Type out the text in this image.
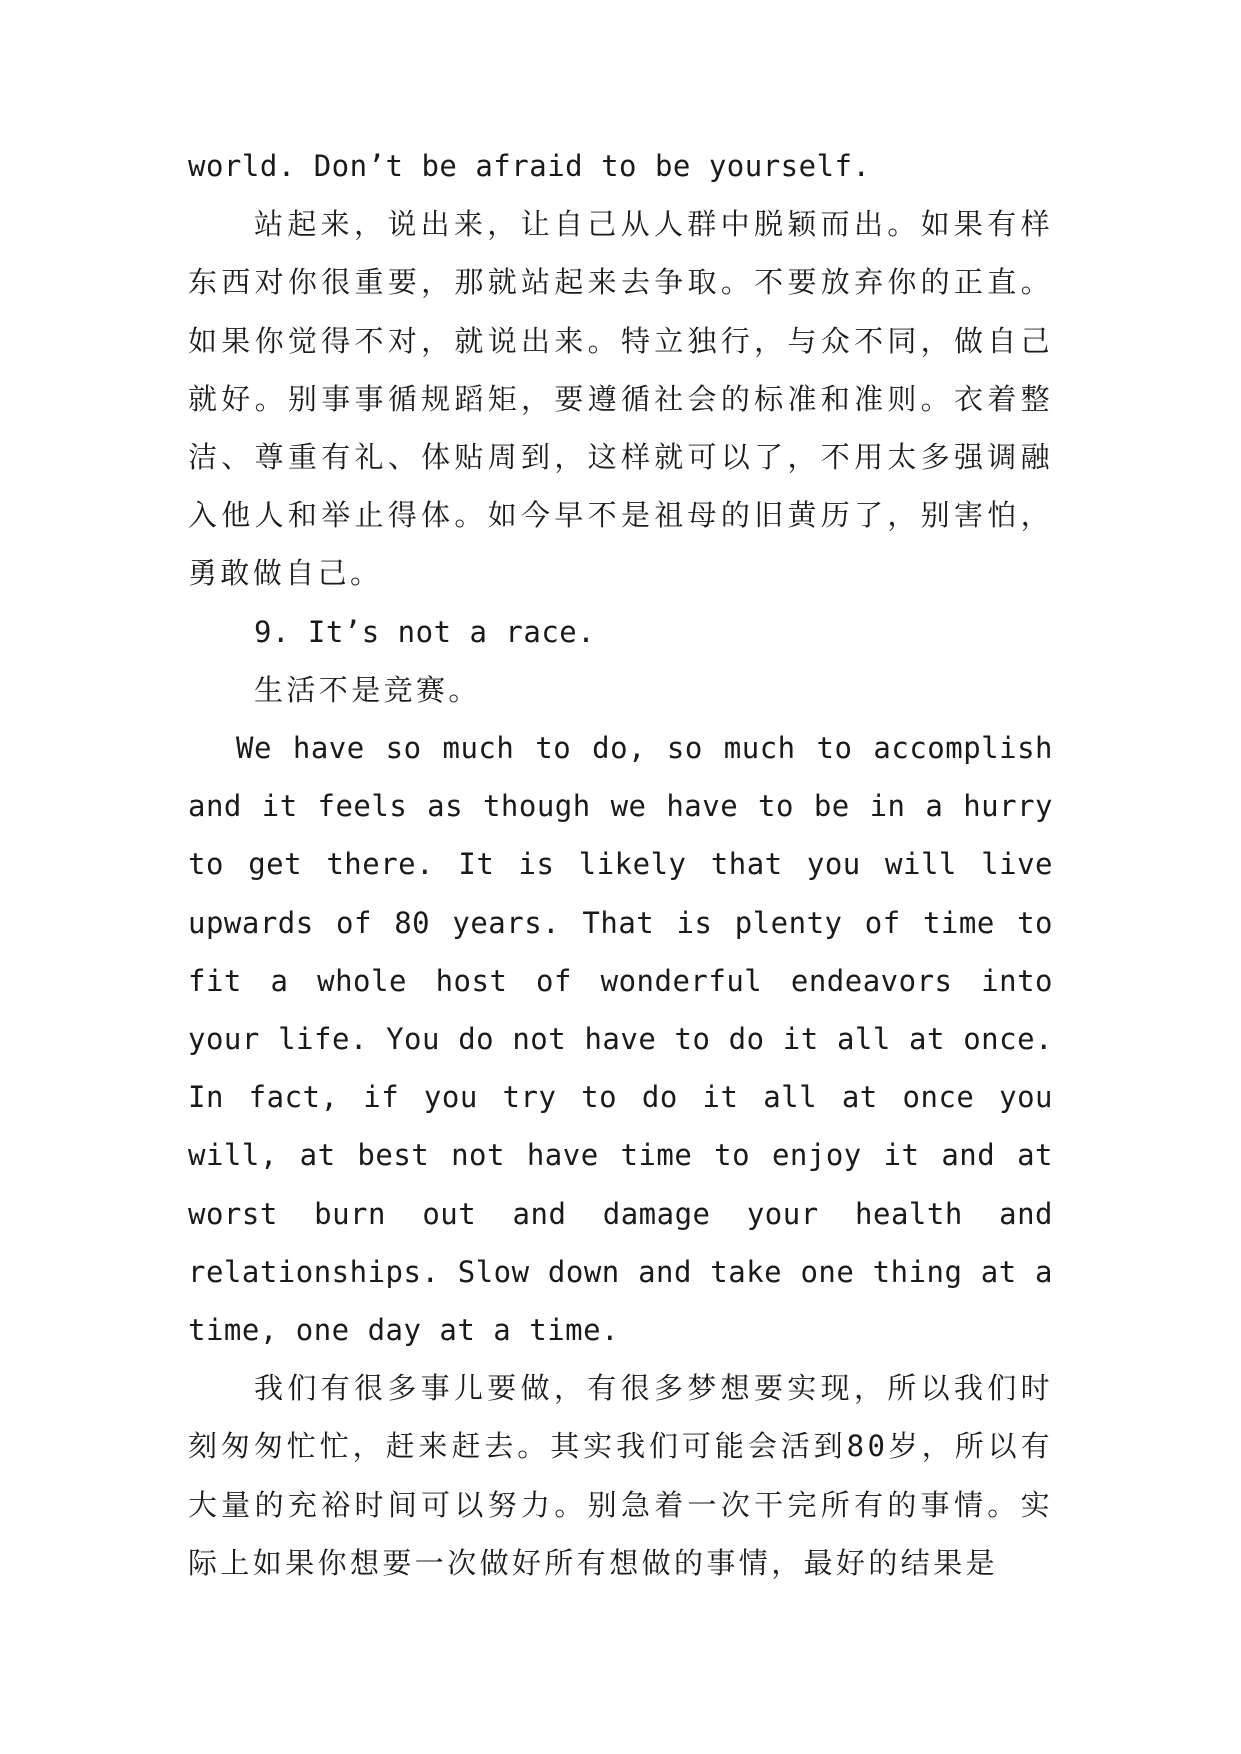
world. Don’t be afraid to be yourself.

站起来，说出来，让自己从人群中脱颖而出。如果有样东西对你很重要，那就站起来去争取。不要放弃你的正直。如果你觉得不对，就说出来。特立独行，与众不同，做自己就好。别事事循规蹈矩，要遵循社会的标准和准则。衣着整洁、尊重有礼、体贴周到，这样就可以了，不用太多强调融入他人和举止得体。如今早不是祖母的旧黄历了，别害怕，勇敢做自己。

9. It’s not a race.

生活不是竞赛。

We have so much to do, so much to accomplish and it feels as though we have to be in a hurry to get there. It is likely that you will live upwards of 80 years. That is plenty of time to fit a whole host of wonderful endeavors into your life. You do not have to do it all at once. In fact, if you try to do it all at once you will, at best not have time to enjoy it and at worst burn out and damage your health and relationships. Slow down and take one thing at a time, one day at a time.

我们有很多事儿要做，有很多梦想要实现，所以我们时刻匆匆忙忙，赶来赶去。其实我们可能会活到80岁，所以有大量的充裕时间可以努力。别急着一次干完所有的事情。实际上如果你想要一次做好所有想做的事情，最好的结果是
